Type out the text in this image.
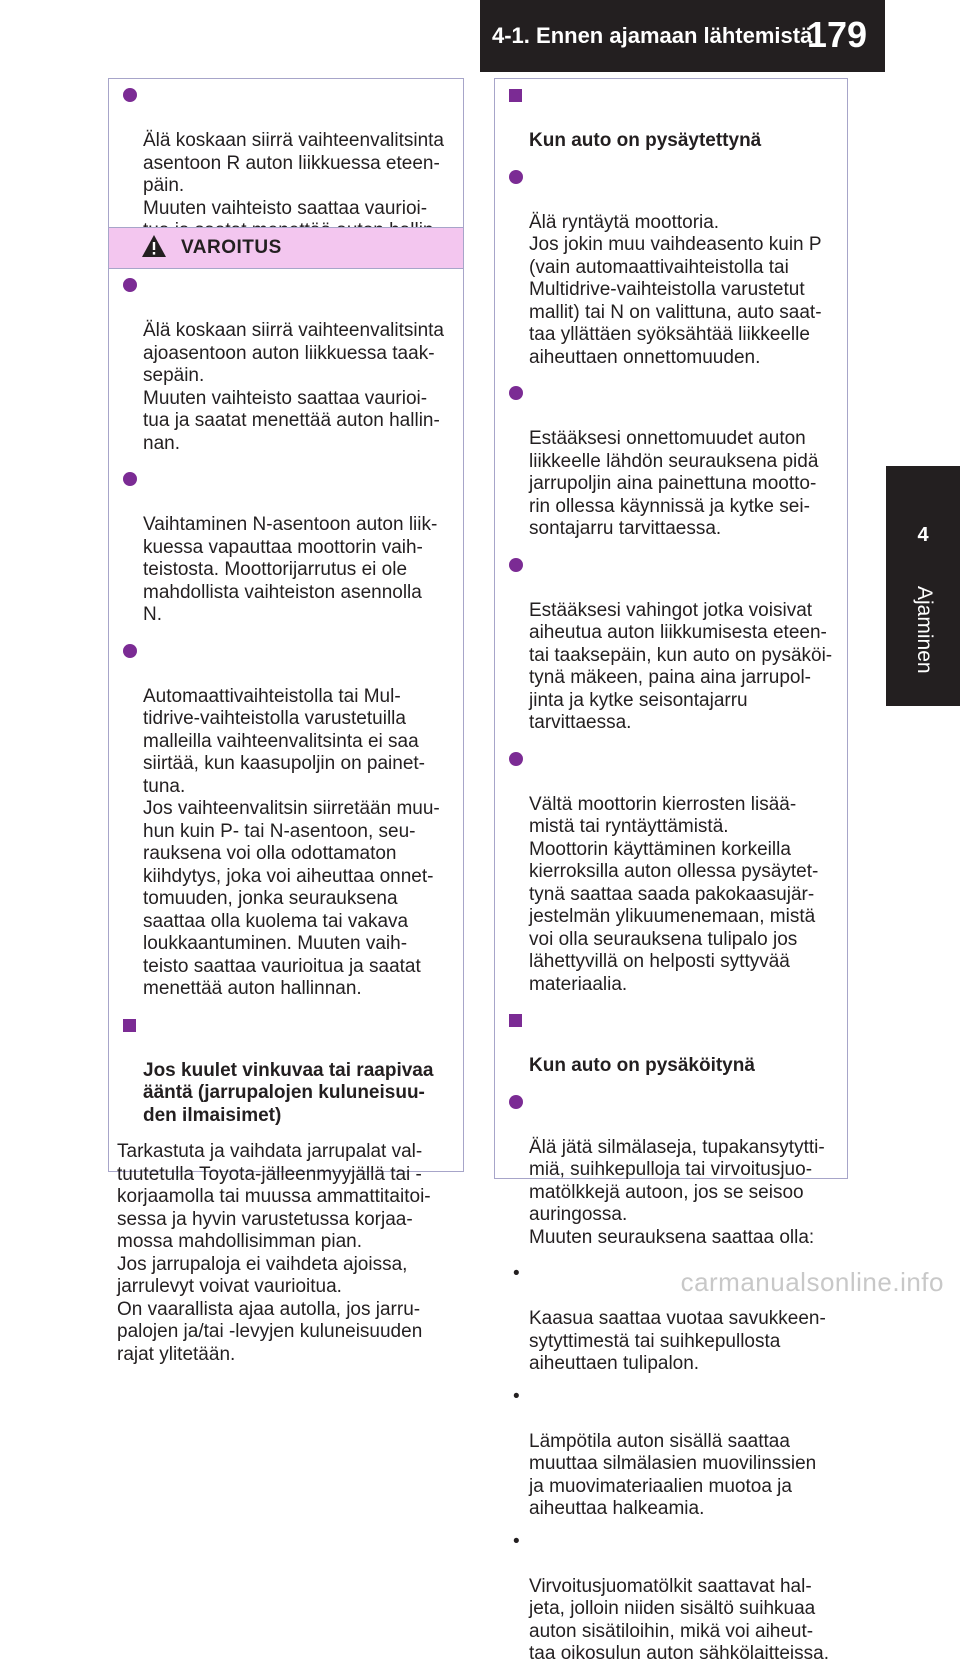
4-1. Ennen ajamaan lähtemistä
179
4
Ajaminen

Älä koskaan siirrä vaihteenvalitsinta
asentoon R auton liikkuessa eteen-
päin.
Muuten vaihteisto saattaa vaurioi-

VAROITUS

Älä koskaan siirrä vaihteenvalitsinta
ajoasentoon auton liikkuessa taak-
sepäin.
Muuten vaihteisto saattaa vaurioi-
tua ja saatat menettää auton hallin-
nan.

Vaihtaminen N-asentoon auton liik-
kuessa vapauttaa moottorin vaih-
teistosta. Moottorijarrutus ei ole
mahdollista vaihteiston asennolla
N.

Automaattivaihteistolla tai Mul-
tidrive-vaihteistolla varustetuilla
malleilla vaihteenvalitsinta ei saa
siirtää, kun kaasupoljin on painet-
tuna.
Jos vaihteenvalitsin siirretään muu-
hun kuin P- tai N-asentoon, seu-
rauksena voi olla odottamaton
kiihdytys, joka voi aiheuttaa onnet-
tomuuden, jonka seurauksena
saattaa olla kuolema tai vakava
loukkaantuminen. Muuten vaih-
teisto saattaa vaurioitua ja saatat
menettää auton hallinnan.

Jos kuulet vinkuvaa tai raapivaa
ääntä (jarrupalojen kuluneisuu-
den ilmaisimet)

Tarkastuta ja vaihdata jarrupalat val-
tuutetulla Toyota-jälleenmyyjällä tai -
korjaamolla tai muussa ammattitaitoi-
sessa ja hyvin varustetussa korjaa-
mossa mahdollisimman pian.
Jos jarrupaloja ei vaihdeta ajoissa,
jarrulevyt voivat vaurioitua.
On vaarallista ajaa autolla, jos jarru-
palojen ja/tai -levyjen kuluneisuuden
rajat ylitetään.

Kun auto on pysäytettynä

Älä ryntäytä moottoria.
Jos jokin muu vaihdeasento kuin P
(vain automaattivaihteistolla tai
Multidrive-vaihteistolla varustetut
mallit) tai N on valittuna, auto saat-
taa yllättäen syöksähtää liikkeelle
aiheuttaen onnettomuuden.

Estääksesi onnettomuudet auton
liikkeelle lähdön seurauksena pidä
jarrupoljin aina painettuna mootto-
rin ollessa käynnissä ja kytke sei-
sontajarru tarvittaessa.

Estääksesi vahingot jotka voisivat
aiheutua auton liikkumisesta eteen-
tai taaksepäin, kun auto on pysäköi-
tynä mäkeen, paina aina jarrupol-
jinta ja kytke seisontajarru
tarvittaessa.

Vältä moottorin kierrosten lisää-
mistä tai ryntäyttämistä.
Moottorin käyttäminen korkeilla
kierroksilla auton ollessa pysäytet-
tynä saattaa saada pakokaasujär-
jestelmän ylikuumenemaan, mistä
voi olla seurauksena tulipalo jos
lähettyvillä on helposti syttyvää
materiaalia.

Kun auto on pysäköitynä

Älä jätä silmälaseja, tupakansytytti-
miä, suihkepulloja tai virvoitusjuo-
matölkkejä autoon, jos se seisoo
auringossa.
Muuten seurauksena saattaa olla:

•

Kaasua saattaa vuotaa savukkeen-
sytyttimestä tai suihkepullosta
aiheuttaen tulipalon.

•

Lämpötila auton sisällä saattaa
muuttaa silmälasien muovilinssien
ja muovimateriaalien muotoa ja
aiheuttaa halkeamia.

•

Virvoitusjuomatölkit saattavat hal-
jeta, jolloin niiden sisältö suihkuaa
auton sisätiloihin, mikä voi aiheut-
taa oikosulun auton sähkölaitteissa.

carmanualsonline.info
